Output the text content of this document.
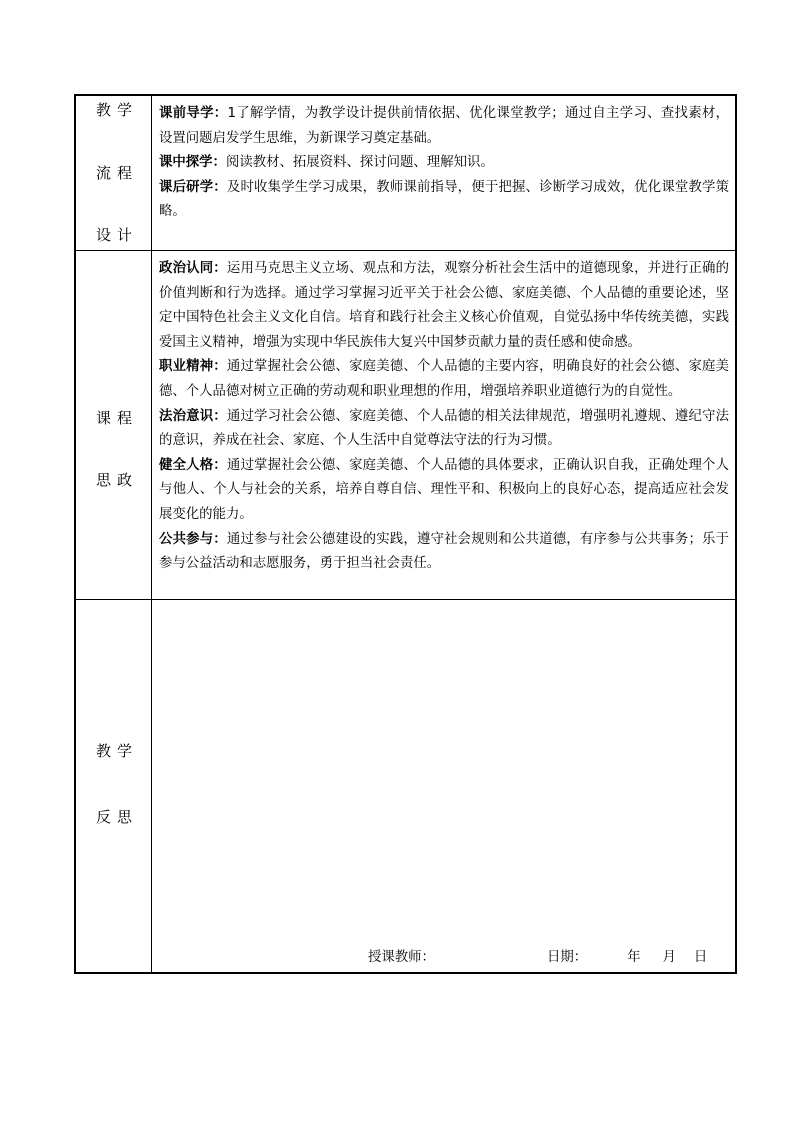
教学
流程
设计

课前导学：1了解学情，为教学设计提供前情依据、优化课堂教学；通过自主学习、查找素材，设置问题启发学生思维，为新课学习奠定基础。

课中探学：阅读教材、拓展资料、探讨问题、理解知识。

课后研学：及时收集学生学习成果，教师课前指导，便于把握、诊断学习成效，优化课堂教学策略。

课程
思政

政治认同：运用马克思主义立场、观点和方法，观察分析社会生活中的道德现象，并进行正确的价值判断和行为选择。通过学习掌握习近平关于社会公德、家庭美德、个人品德的重要论述，坚定中国特色社会主义文化自信。培育和践行社会主义核心价值观，自觉弘扬中华传统美德，实践爱国主义精神，增强为实现中华民族伟大复兴中国梦贡献力量的责任感和使命感。

职业精神：通过掌握社会公德、家庭美德、个人品德的主要内容，明确良好的社会公德、家庭美德、个人品德对树立正确的劳动观和职业理想的作用，增强培养职业道德行为的自觉性。

法治意识：通过学习社会公德、家庭美德、个人品德的相关法律规范，增强明礼遵规、遵纪守法的意识，养成在社会、家庭、个人生活中自觉尊法守法的行为习惯。

健全人格：通过掌握社会公德、家庭美德、个人品德的具体要求，正确认识自我，正确处理个人与他人、个人与社会的关系，培养自尊自信、理性平和、积极向上的良好心态，提高适应社会发展变化的能力。

公共参与：通过参与社会公德建设的实践，遵守社会规则和公共道德，有序参与公共事务；乐于参与公益活动和志愿服务，勇于担当社会责任。

教学
反思
授课教师：	日期：	年 月 日
